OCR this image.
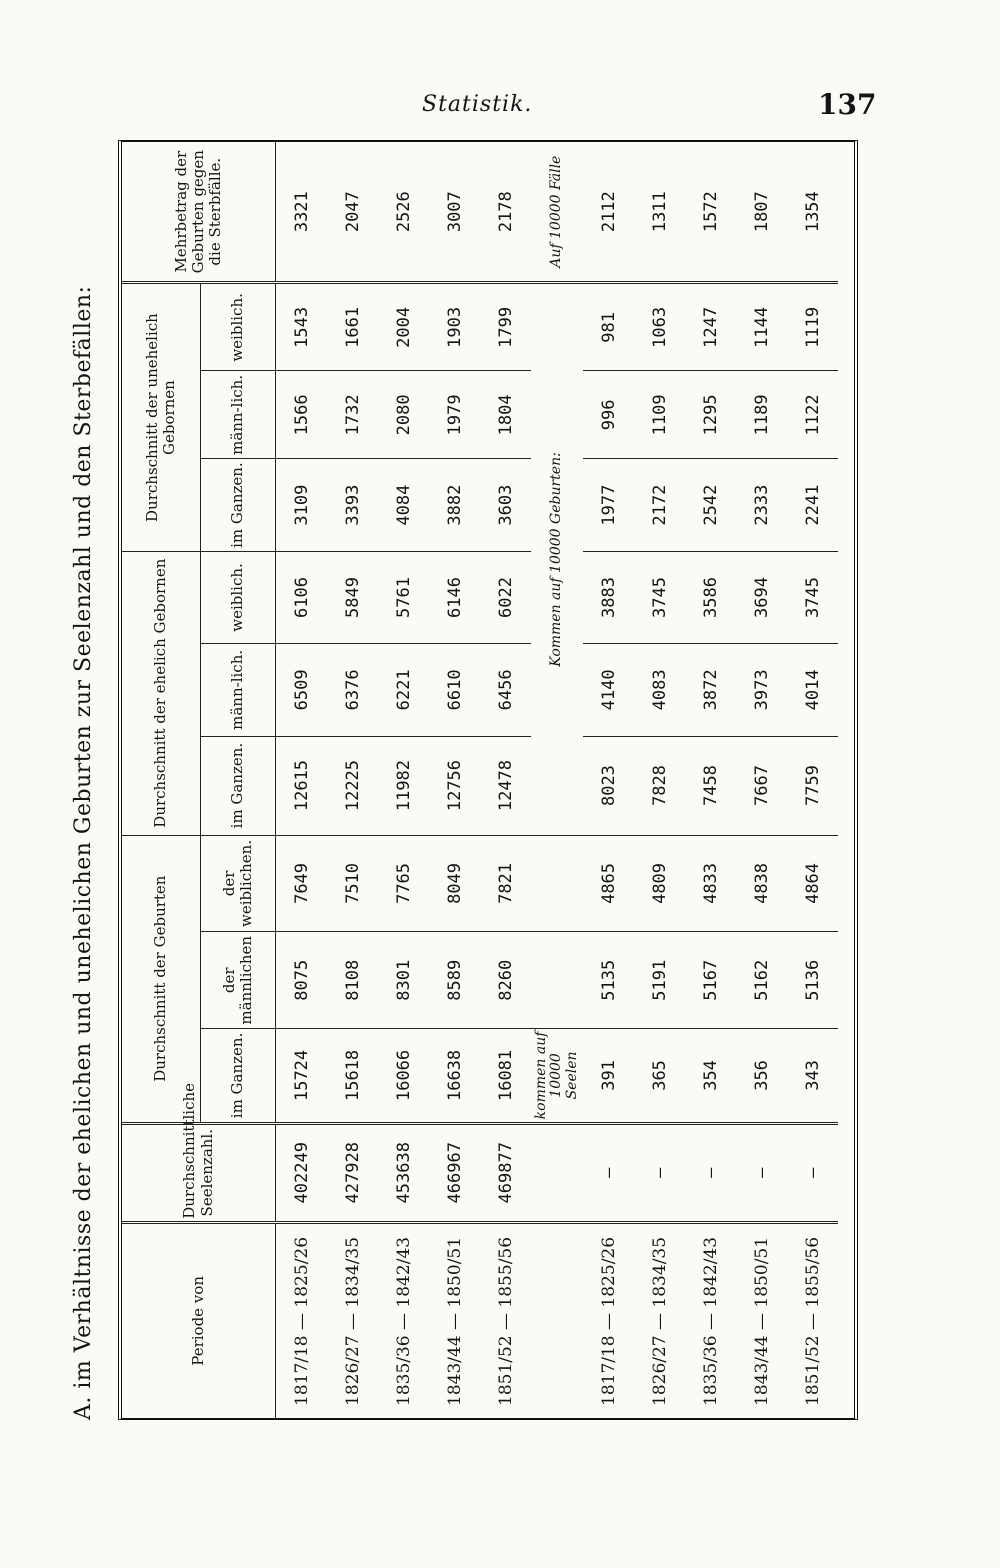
Statistik.	137
A. im Verhältnisse der ehelichen und unehelichen Geburten zur Seelenzahl und den Sterbefällen:	Periode von	Durchschnittliche Seelenzahl.	Durchschnitt der Geburten			Durchschnitt der ehelich Gebornen			Durchschnitt der unehelich Gebornen			Mehrbetrag der Geburten gegen die Sterbfälle.
		im Ganzen.	der männlichen	der weiblichen.	im Ganzen.	männ-lich.	weiblich.	im Ganzen.	männ-lich.	weiblich.	
1817/18 — 1825/26	402249	15724	8075	7649	12615	6509	6106	3109	1566	1543	3321
1826/27 — 1834/35	427928	15618	8108	7510	12225	6376	5849	3393	1732	1661	2047
1835/36 — 1842/43	453638	16066	8301	7765	11982	6221	5761	4084	2080	2004	2526
1843/44 — 1850/51	466967	16638	8589	8049	12756	6610	6146	3882	1979	1903	3007
1851/52 — 1855/56	469877	16081	8260	7821	12478	6456	6022	3603	1804	1799	2178
		kommen auf 10000 Seelen			Kommen auf 10000 Geburten:						Auf 10000 Fälle
1817/18 — 1825/26	—	391	5135	4865	8023	4140	3883	1977	996	981	2112
1826/27 — 1834/35	—	365	5191	4809	7828	4083	3745	2172	1109	1063	1311
1835/36 — 1842/43	—	354	5167	4833	7458	3872	3586	2542	1295	1247	1572
1843/44 — 1850/51	—	356	5162	4838	7667	3973	3694	2333	1189	1144	1807
1851/52 — 1855/56	—	343	5136	4864	7759	4014	3745	2241	1122	1119	1354
